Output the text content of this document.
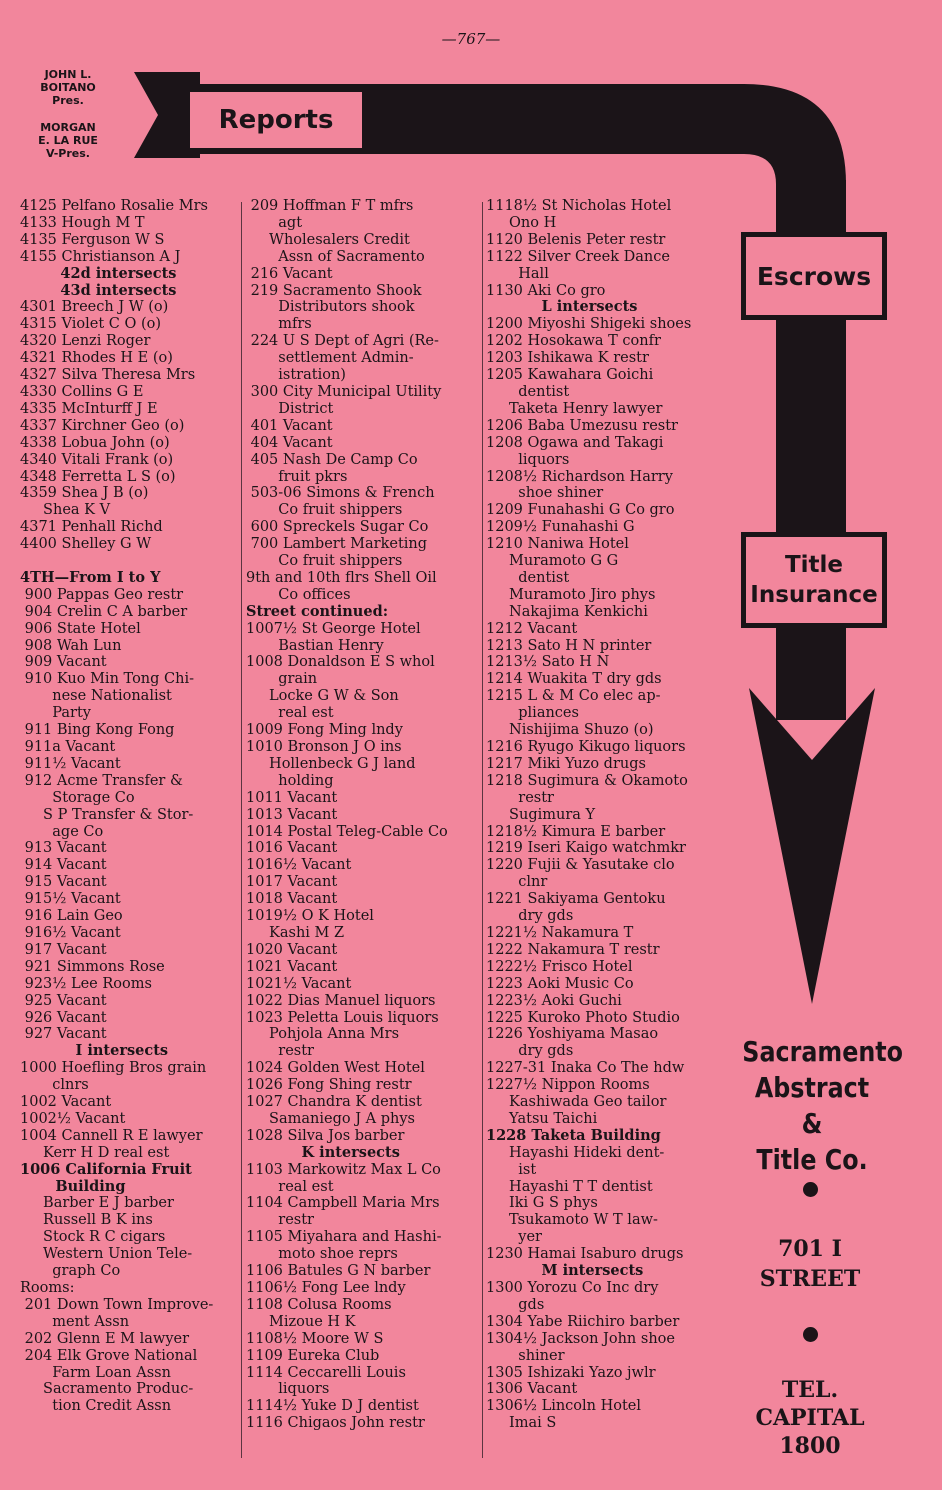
—767—
JOHN L.
BOITANO
Pres.
MORGAN
E. LA RUE
V-Pres.
Reports
Escrows
Title
Insurance
Sacramento
Abstract &
Title Co.
701 I
STREET
TEL.
CAPITAL
1800
4125 Pelfano Rosalie Mrs
4133 Hough M T
4135 Ferguson W S
4155 Christianson A J
42d intersects
43d intersects
4301 Breech J W (o)
4315 Violet C O (o)
4320 Lenzi Roger
4321 Rhodes H E (o)
4327 Silva Theresa Mrs
4330 Collins G E
4335 McInturff J E
4337 Kirchner Geo (o)
4338 Lobua John (o)
4340 Vitali Frank (o)
4348 Ferretta L S (o)
4359 Shea J B (o)
Shea K V
4371 Penhall Richd
4400 Shelley G W

4TH—From I to Y
900 Pappas Geo restr
904 Crelin C A barber
906 State Hotel
908 Wah Lun
909 Vacant
910 Kuo Min Tong Chi-
nese Nationalist
Party
911 Bing Kong Fong
911a Vacant
911½ Vacant
912 Acme Transfer &
Storage Co
S P Transfer & Stor-
age Co
913 Vacant
914 Vacant
915 Vacant
915½ Vacant
916 Lain Geo
916½ Vacant
917 Vacant
921 Simmons Rose
923½ Lee Rooms
925 Vacant
926 Vacant
927 Vacant
I intersects
1000 Hoefling Bros grain
clnrs
1002 Vacant
1002½ Vacant
1004 Cannell R E lawyer
Kerr H D real est
1006 California Fruit
Building
Barber E J barber
Russell B K ins
Stock R C cigars
Western Union Tele-
graph Co
Rooms:
201 Down Town Improve-
ment Assn
202 Glenn E M lawyer
204 Elk Grove National
Farm Loan Assn
Sacramento Produc-
tion Credit Assn
209 Hoffman F T mfrs
agt
Wholesalers Credit
Assn of Sacramento
216 Vacant
219 Sacramento Shook
Distributors shook
mfrs
224 U S Dept of Agri (Re-
settlement Admin-
istration)
300 City Municipal Utility
District
401 Vacant
404 Vacant
405 Nash De Camp Co
fruit pkrs
503-06 Simons & French
Co fruit shippers
600 Spreckels Sugar Co
700 Lambert Marketing
Co fruit shippers
9th and 10th flrs Shell Oil
Co offices
Street continued:
1007½ St George Hotel
Bastian Henry
1008 Donaldson E S whol
grain
Locke G W & Son
real est
1009 Fong Ming lndy
1010 Bronson J O ins
Hollenbeck G J land
holding
1011 Vacant
1013 Vacant
1014 Postal Teleg-Cable Co
1016 Vacant
1016½ Vacant
1017 Vacant
1018 Vacant
1019½ O K Hotel
Kashi M Z
1020 Vacant
1021 Vacant
1021½ Vacant
1022 Dias Manuel liquors
1023 Peletta Louis liquors
Pohjola Anna Mrs
restr
1024 Golden West Hotel
1026 Fong Shing restr
1027 Chandra K dentist
Samaniego J A phys
1028 Silva Jos barber
K intersects
1103 Markowitz Max L Co
real est
1104 Campbell Maria Mrs
restr
1105 Miyahara and Hashi-
moto shoe reprs
1106 Batules G N barber
1106½ Fong Lee lndy
1108 Colusa Rooms
Mizoue H K
1108½ Moore W S
1109 Eureka Club
1114 Ceccarelli Louis
liquors
1114½ Yuke D J dentist
1116 Chigaos John restr
1118½ St Nicholas Hotel
Ono H
1120 Belenis Peter restr
1122 Silver Creek Dance
Hall
1130 Aki Co gro
L intersects
1200 Miyoshi Shigeki shoes
1202 Hosokawa T confr
1203 Ishikawa K restr
1205 Kawahara Goichi
dentist
Taketa Henry lawyer
1206 Baba Umezusu restr
1208 Ogawa and Takagi
liquors
1208½ Richardson Harry
shoe shiner
1209 Funahashi G Co gro
1209½ Funahashi G
1210 Naniwa Hotel
Muramoto G G
dentist
Muramoto Jiro phys
Nakajima Kenkichi
1212 Vacant
1213 Sato H N printer
1213½ Sato H N
1214 Wuakita T dry gds
1215 L & M Co elec ap-
pliances
Nishijima Shuzo (o)
1216 Ryugo Kikugo liquors
1217 Miki Yuzo drugs
1218 Sugimura & Okamoto
restr
Sugimura Y
1218½ Kimura E barber
1219 Iseri Kaigo watchmkr
1220 Fujii & Yasutake clo
clnr
1221 Sakiyama Gentoku
dry gds
1221½ Nakamura T
1222 Nakamura T restr
1222½ Frisco Hotel
1223 Aoki Music Co
1223½ Aoki Guchi
1225 Kuroko Photo Studio
1226 Yoshiyama Masao
dry gds
1227-31 Inaka Co The hdw
1227½ Nippon Rooms
Kashiwada Geo tailor
Yatsu Taichi
1228 Taketa Building
Hayashi Hideki dent-
ist
Hayashi T T dentist
Iki G S phys
Tsukamoto W T law-
yer
1230 Hamai Isaburo drugs
M intersects
1300 Yorozu Co Inc dry
gds
1304 Yabe Riichiro barber
1304½ Jackson John shoe
shiner
1305 Ishizaki Yazo jwlr
1306 Vacant
1306½ Lincoln Hotel
Imai S
